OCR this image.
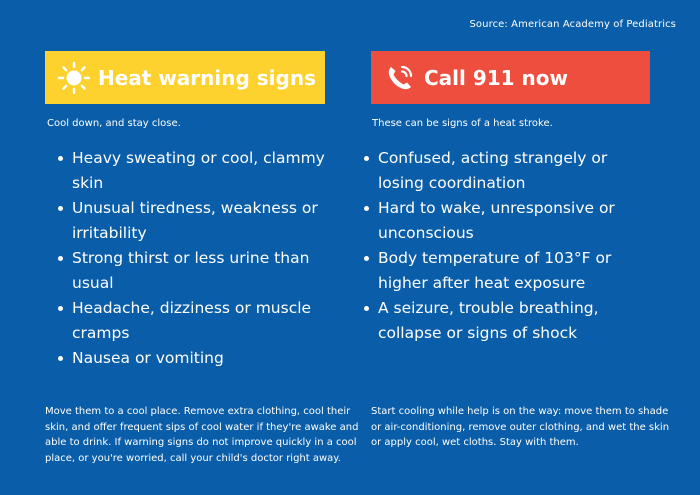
Source: American Academy of Pediatrics
Heat warning signs	Call 911 now
Cool down, and stay close.	These can be signs of a heat stroke.
Heavy sweating or cool, clammy skin
Unusual tiredness, weakness or irritability
Strong thirst or less urine than usual
Headache, dizziness or muscle cramps
Nausea or vomiting
Confused, acting strangely or losing coordination
Hard to wake, unresponsive or unconscious
Body temperature of 103°F or higher after heat exposure
A seizure, trouble breathing, collapse or signs of shock
Move them to a cool place. Remove extra clothing, cool their skin, and offer frequent sips of cool water if they're awake and able to drink. If warning signs do not improve quickly in a cool place, or you're worried, call your child's doctor right away.
Start cooling while help is on the way: move them to shade or air-conditioning, remove outer clothing, and wet the skin or apply cool, wet cloths. Stay with them.
